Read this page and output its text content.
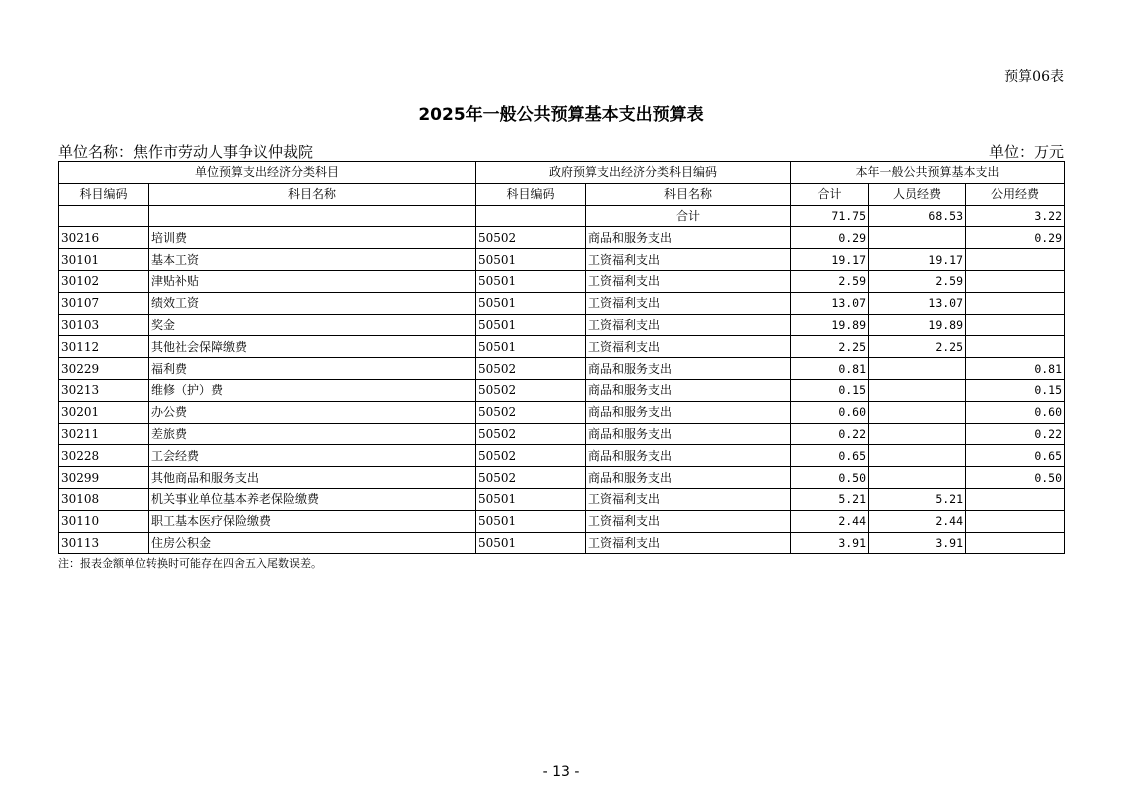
预算06表
2025年一般公共预算基本支出预算表
单位名称：焦作市劳动人事争议仲裁院	单位：万元
单位预算支出经济分类科目		政府预算支出经济分类科目编码		本年一般公共预算基本支出		
科目编码	科目名称	科目编码	科目名称	合计	人员经费	公用经费
			合计	71.75	68.53	3.22
30216	培训费	50502	商品和服务支出	0.29		0.29
30101	基本工资	50501	工资福利支出	19.17	19.17	
30102	津贴补贴	50501	工资福利支出	2.59	2.59	
30107	绩效工资	50501	工资福利支出	13.07	13.07	
30103	奖金	50501	工资福利支出	19.89	19.89	
30112	其他社会保障缴费	50501	工资福利支出	2.25	2.25	
30229	福利费	50502	商品和服务支出	0.81		0.81
30213	维修（护）费	50502	商品和服务支出	0.15		0.15
30201	办公费	50502	商品和服务支出	0.60		0.60
30211	差旅费	50502	商品和服务支出	0.22		0.22
30228	工会经费	50502	商品和服务支出	0.65		0.65
30299	其他商品和服务支出	50502	商品和服务支出	0.50		0.50
30108	机关事业单位基本养老保险缴费	50501	工资福利支出	5.21	5.21	
30110	职工基本医疗保险缴费	50501	工资福利支出	2.44	2.44	
30113	住房公积金	50501	工资福利支出	3.91	3.91	
注：报表金额单位转换时可能存在四舍五入尾数误差。
- 13 -
